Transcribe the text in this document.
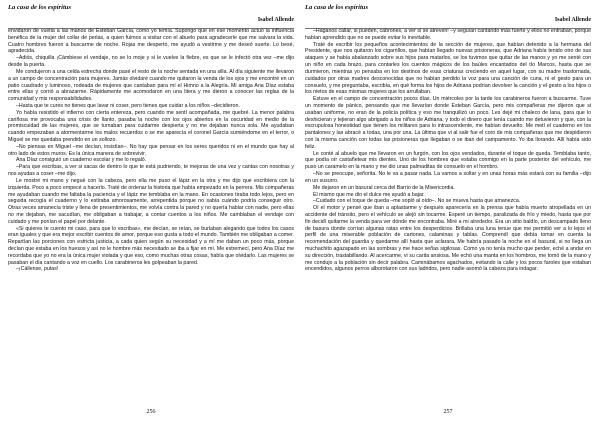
La casa de los espíritus
Isabel Allende

envidaron de vuelta a las manos de Esteban García, como yo temía. Supongo que en ese momento actuó la influencia benéfica de la mujer del collar de perlas, a quien fuimos a visitar con el abuelo para agradecerle que me salvara la vida. Cuatro hombres fueron a buscarme de noche. Rojas me despertó, me ayudó a vestirme y me deseó suerte. Lo besé, agradecida.

–Adiós, chiquilla ¡Cámbiese el vendaje, no se lo moje y si le vuelve la fiebre, es que se le infectó otra vez –me dijo desde la puerta.

Me condujeron a una celda estrecha donde pasé el resto de la noche sentada en una silla. Al día siguiente me llevaron a un campo de concentración para mujeres. Jamás olvidaré cuando me quitaron la venda de los ojos y me encontré en un patio cuadrado y luminoso, rodeada de mujeres que cantaban para mí el Himno a la Alegría. Mi amiga Ana Díaz estaba entre ellas y corrió a abrazarme. Rápidamente me acomodaron en una litera y me dieron a conocer las reglas de la comunidad y mis responsabilidades.

–Hasta que te cures no tienes que lavar ni coser, pero tienes que cuidar a los niños –decidieron.

Yo había resistido el infierno con cierta entereza, pero cuando me sentí acompañada, me quebré. La menor palabra cariñosa me provocaba una crisis de llanto, pasaba la noche con los ojos abiertos en la oscuridad en medio de la promiscuidad de las mujeres, que se turnaban para cuidarme despierta y no me dejaban nunca sola. Me ayudaban cuando empezaban a atormentarme los malos recuerdos o se me aparecía el coronel García sumiéndome en el terror, o Miguel se me quedaba prendido en un sollozo.

–No piensas en Miguel –me decían, insistían–. No hay que pensar en los seres queridos ni en el mundo que hay al otro lado de estos muros. Es la única manera de sobrevivir.

Ana Díaz consiguió un cuaderno escolar y me lo regaló.

–Para que escribas, a ver si sacas de dentro lo que te está pudriendo, te mejoras de una vez y cantas con nosotras y nos ayudas a coser –me dijo.

Le mostré mi mano y negué con la cabeza, pero ella me puso el lápiz en la otra y me dijo que escribiera con la izquierda. Poco a poco empecé a hacerlo. Traté de ordenar la historia que había empezado en la perrera. Mis compañeras me ayudaban cuando me faltaba la paciencia y el lápiz me temblaba en la mano. En ocasiones tiraba todo lejos, pero en seguida recogía el cuaderno y lo estiraba amorosamente, arrepentida porque no sabía cuándo podría conseguir otro. Otras veces amanecía triste y llena de presentimientos, me volvía contra la pared y no quería hablar con nadie, pero ellas no me dejaban, me sacudían, me obligaban a trabajar, a contar cuentos a los niños. Me cambiaban el vendaje con cuidado y me ponían el papel por delante.

«Si quieres te cuento mi caso, para que lo escribas», me decían, se reían, se burlaban alegando que todos los casos eran iguales y que era mejor escribir cuentos de amor, porque eso gusta a todo el mundo. También me obligaban a comer. Repartían las porciones con estricta justicia, a cada quien según su necesidad y a mí me daban un poco más, porque decían que estaba en los huesos y así no le hombre más necesitado se iba a fijar en mí. Me estremecí, pero Ana Díaz me recordaba que yo no era la única mujer violada y que eso, como muchas otras cosas, había que olvidarlo. Las mujeres se pasaban el día cantando a voz en cuello. Los carabineros les golpeaban la pared.

–¡Cállense, putas!

256
La casa de los espíritus
Isabel Allende

–Háganos callar, si pueden, cabrones, a ver si se atreven! –y seguían cantando más fuerte y ellos no entraban, porque habían aprendido que no se puede evitar lo inevitable.

Traté de escribir los pequeños acontecimientos de la sección de mujeres, que habían detenido a la hermana del Presidente, que nos quitaron los cigarrillos, que habían llegado nuevas prisioneras, que Adriana había tenido otro de sus ataques y se había abalanzado sobre sus hijos para matarlos, se los tuvimos que quitar de las manos y yo me senté con un niño en cada brazo, para contarles los cuentos mágicos de los baúles encantados del tío Marcos, hasta que se durmieron, mientras yo pensaba en los destinos de esas criaturas creciendo en aquel lugar, con su madre trastornada, cuidados por otras madres desconocidas que no habían perdido la voz para una canción de cuna, ni el gesto para un consuelo, y me preguntaba, escribía, en qué forma los hijos de Adriana podrían devolver la canción y el gesto a los hijos o los nietos de esas mismas mujeres que los arrullaban.

Estuve en el campo de concentración pocos días. Un miércoles por la tarde los carabineros fueron a buscarme. Tuve un momento de pánico, pensando que me llevarían donde Esteban García, pero mis compañeras me dijeron que si usaban uniforme, no eran de la policía política y eso me tranquilizó un poco. Les dejé mi chaleco de lana, para que lo deshicieran y tejieran algo abrigado a los niños de Adriana, y todo el dinero que tenía cuando me detuvieron y que, con la escrupulosa honestidad que tienen los militares para lo intrascendente, me habían devuelto. Me metí el cuaderno en los pantalones y las abracé a todas, una por una. La última que vi al salir fue el coro de mis compañeras que me despidieron con la misma canción con todas las prisioneras que llegaban o se iban del campamento. Yo iba llorando. Allí había sido feliz.

Le conté al abuelo que me llevaron en un furgón, con los ojos vendados, durante el toque de queda. Temblaba tanto, que podía oír castañetear mis dientes. Uno de los hombres que estaba conmigo en la parte posterior del vehículo, me puso un caramelo en la mano y me dio unas palmaditas de consuelo en el hombro.

–No se preocupe, señorita. No le va a pasar nada. La vamos a soltar y en unas horas más estará con su familia –dijo en un susurro.

Me dejaron en un basural cerca del Barrio de la Misericordia.

El mismo que me dio el dulce me ayudó a bajar.

–Cuidado con el toque de queda –me sopló al oído–. No se mueva hasta que amanezca.

Oí el motor y pensé que iban a aplastarme y después aparecería en la prensa que había muerto atropellada en un accidente del tránsito, pero el vehículo se alejó sin tocarme. Esperé un tiempo, paralizada de frío y miedo, hasta que por fin decidí quitarme la venda para ver dónde me encontraba. Miré a mi alrededor. Era un sitio baldío, un descampado lleno de basura donde corrían algunas ratas entre los desperdicios. Brillaba una luna tenue que me permitió ver a lo lejos el perfil de una miserable población de cartones, calaminas y tablas. Comprendí que debía tomar en cuenta la recomendación del guardia y quedarme allí hasta que aclarara. Me habría pasado la noche en el basural, si no llega un muchachito agazapado en las sombras y me hace señas sigilosas. Como ya no tenía mucho que perder, eché a andar en su dirección, trastabillando. Al acercarme, vi su carita ansiosa. Me echó una manta en los hombros, me tomó de la mano y me condujo a la población sin decir palabra. Caminábamos agachados, evitando la calle y los pocos faroles que estaban encendidos, algunos perros alborotaron con sus ladridos, pero nadie asomó la cabeza para indagar.

257
